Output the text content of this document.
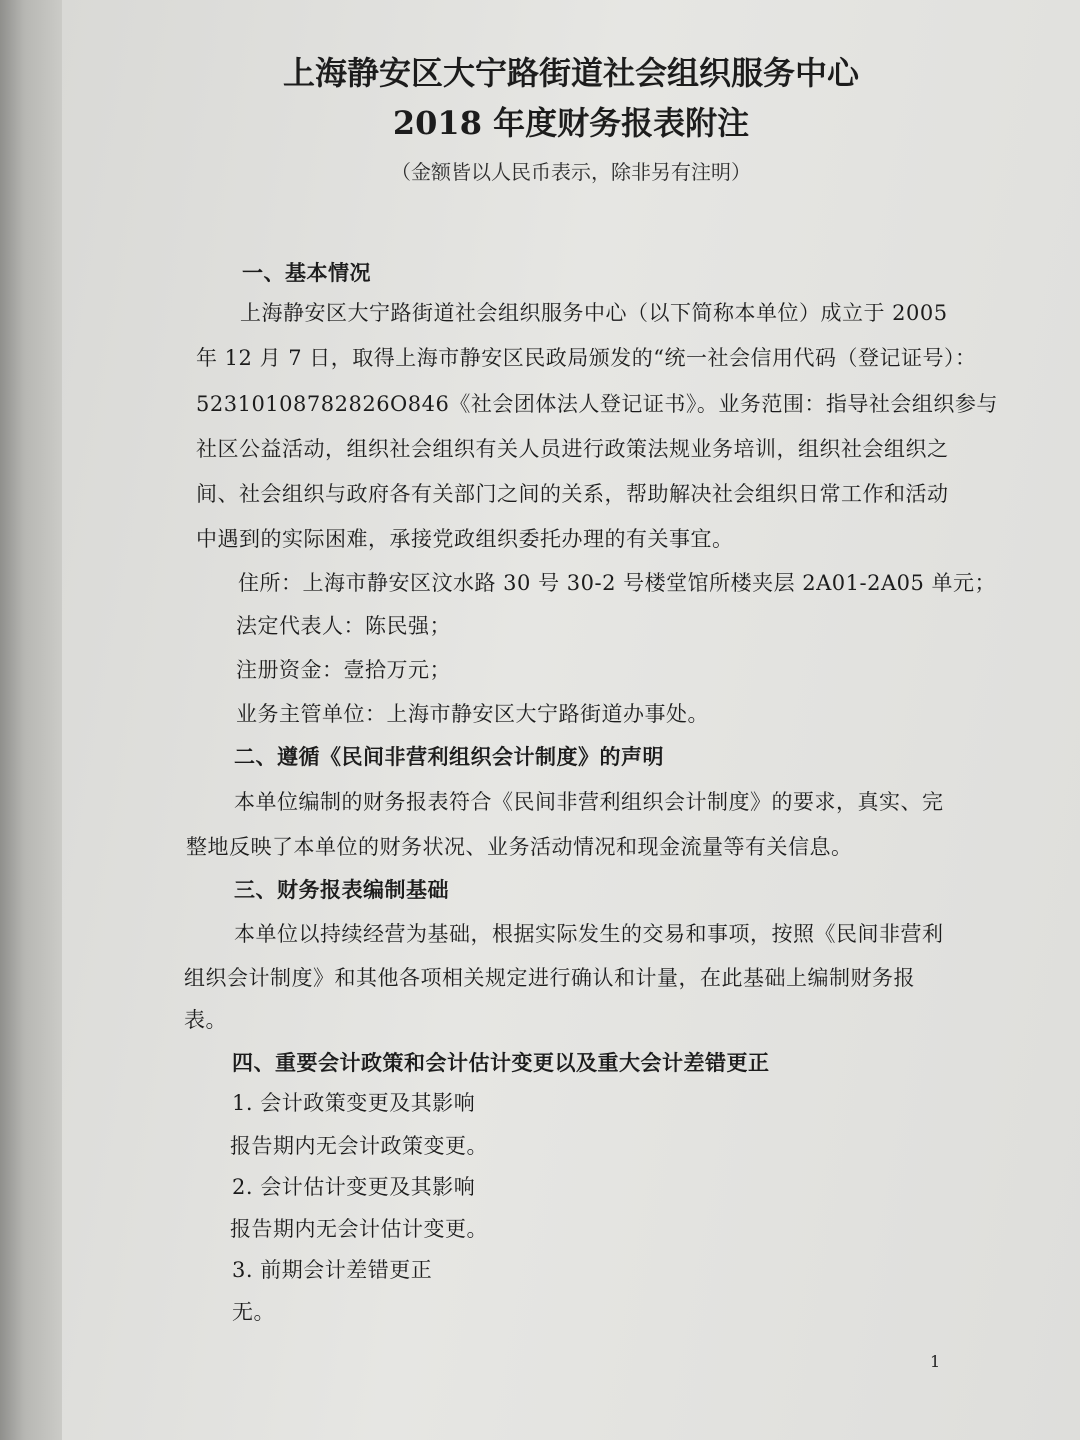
上海静安区大宁路街道社会组织服务中心
2018 年度财务报表附注
（金额皆以人民币表示，除非另有注明）
一、基本情况
上海静安区大宁路街道社会组织服务中心（以下简称本单位）成立于 2005
年 12 月 7 日，取得上海市静安区民政局颁发的“统一社会信用代码（登记证号）：
52310108782826O846《社会团体法人登记证书》。业务范围：指导社会组织参与
社区公益活动，组织社会组织有关人员进行政策法规业务培训，组织社会组织之
间、社会组织与政府各有关部门之间的关系，帮助解决社会组织日常工作和活动
中遇到的实际困难，承接党政组织委托办理的有关事宜。
住所：上海市静安区汶水路 30 号 30-2 号楼堂馆所楼夹层 2A01-2A05 单元；
法定代表人：陈民强；
注册资金：壹拾万元；
业务主管单位：上海市静安区大宁路街道办事处。
二、遵循《民间非营利组织会计制度》的声明
本单位编制的财务报表符合《民间非营利组织会计制度》的要求，真实、完
整地反映了本单位的财务状况、业务活动情况和现金流量等有关信息。
三、财务报表编制基础
本单位以持续经营为基础，根据实际发生的交易和事项，按照《民间非营利
组织会计制度》和其他各项相关规定进行确认和计量，在此基础上编制财务报
表。
四、重要会计政策和会计估计变更以及重大会计差错更正
1. 会计政策变更及其影响
报告期内无会计政策变更。
2. 会计估计变更及其影响
报告期内无会计估计变更。
3. 前期会计差错更正
无。
1
